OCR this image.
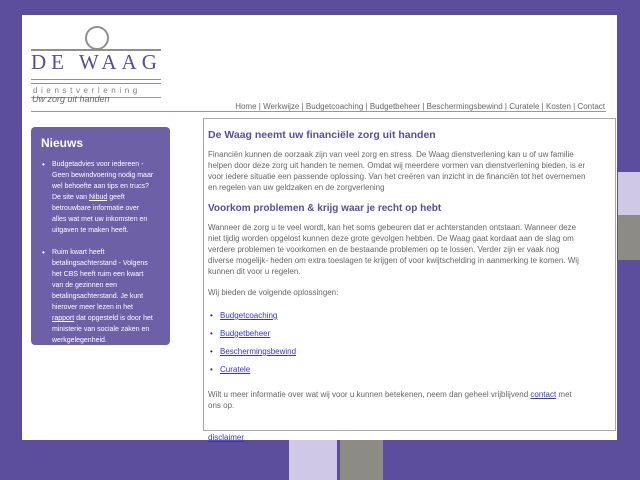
DE WAAG
dienstverlening
Uw zorg uit handen
Home | Werkwijze | Budgetcoaching | Budgetbeheer | Beschermingsbewind | Curatele | Kosten | Contact
Nieuws
• Budgetadvies voor iedereen - Geen bewindvoering nodig maar wel behoefte aan tips en trucs? De site van Nibud geeft betrouwbare informatie over alles wat met uw inkomsten en uitgaven te maken heeft.
• Ruim kwart heeft betalingsachterstand - Volgens het CBS heeft ruim een kwart van de gezinnen een betalingsachterstand. Je kunt hierover meer lezen in het rapport dat opgesteld is door het ministerie van sociale zaken en werkgelegenheid.
De Waag neemt uw financiële zorg uit handen

Financiën kunnen de oorzaak zijn van veel zorg en stress. De Waag dienstverlening kan u of uw familie helpen door deze zorg uit handen te nemen. Omdat wij meerdere vormen van dienstverlening bieden, is er voor iedere situatie een passende oplossing. Van het creëren van inzicht in de financiën tot het overnemen en regelen van uw geldzaken en de zorgverlening

Voorkom problemen & krijg waar je recht op hebt

Wanneer de zorg u te veel wordt, kan het soms gebeuren dat er achterstanden ontstaan. Wanneer deze niet tijdig worden opgelost kunnen deze grote gevolgen hebben. De Waag gaat kordaat aan de slag om verdere problemen te voorkomen en de bestaande problemen op te lossen. Verder zijn er vaak nog diverse mogelijk- heden om extra toeslagen te krijgen of voor kwijtschelding in aanmerking te komen. Wij kunnen dit voor u regelen.

Wij bieden de volgende oplossingen:

• Budgetcoaching
• Budgetbeheer
• Beschermingsbewind
• Curatele

Wilt u meer informatie over wat wij voor u kunnen betekenen, neem dan geheel vrijblijvend contact met ons op.

disclaimer
